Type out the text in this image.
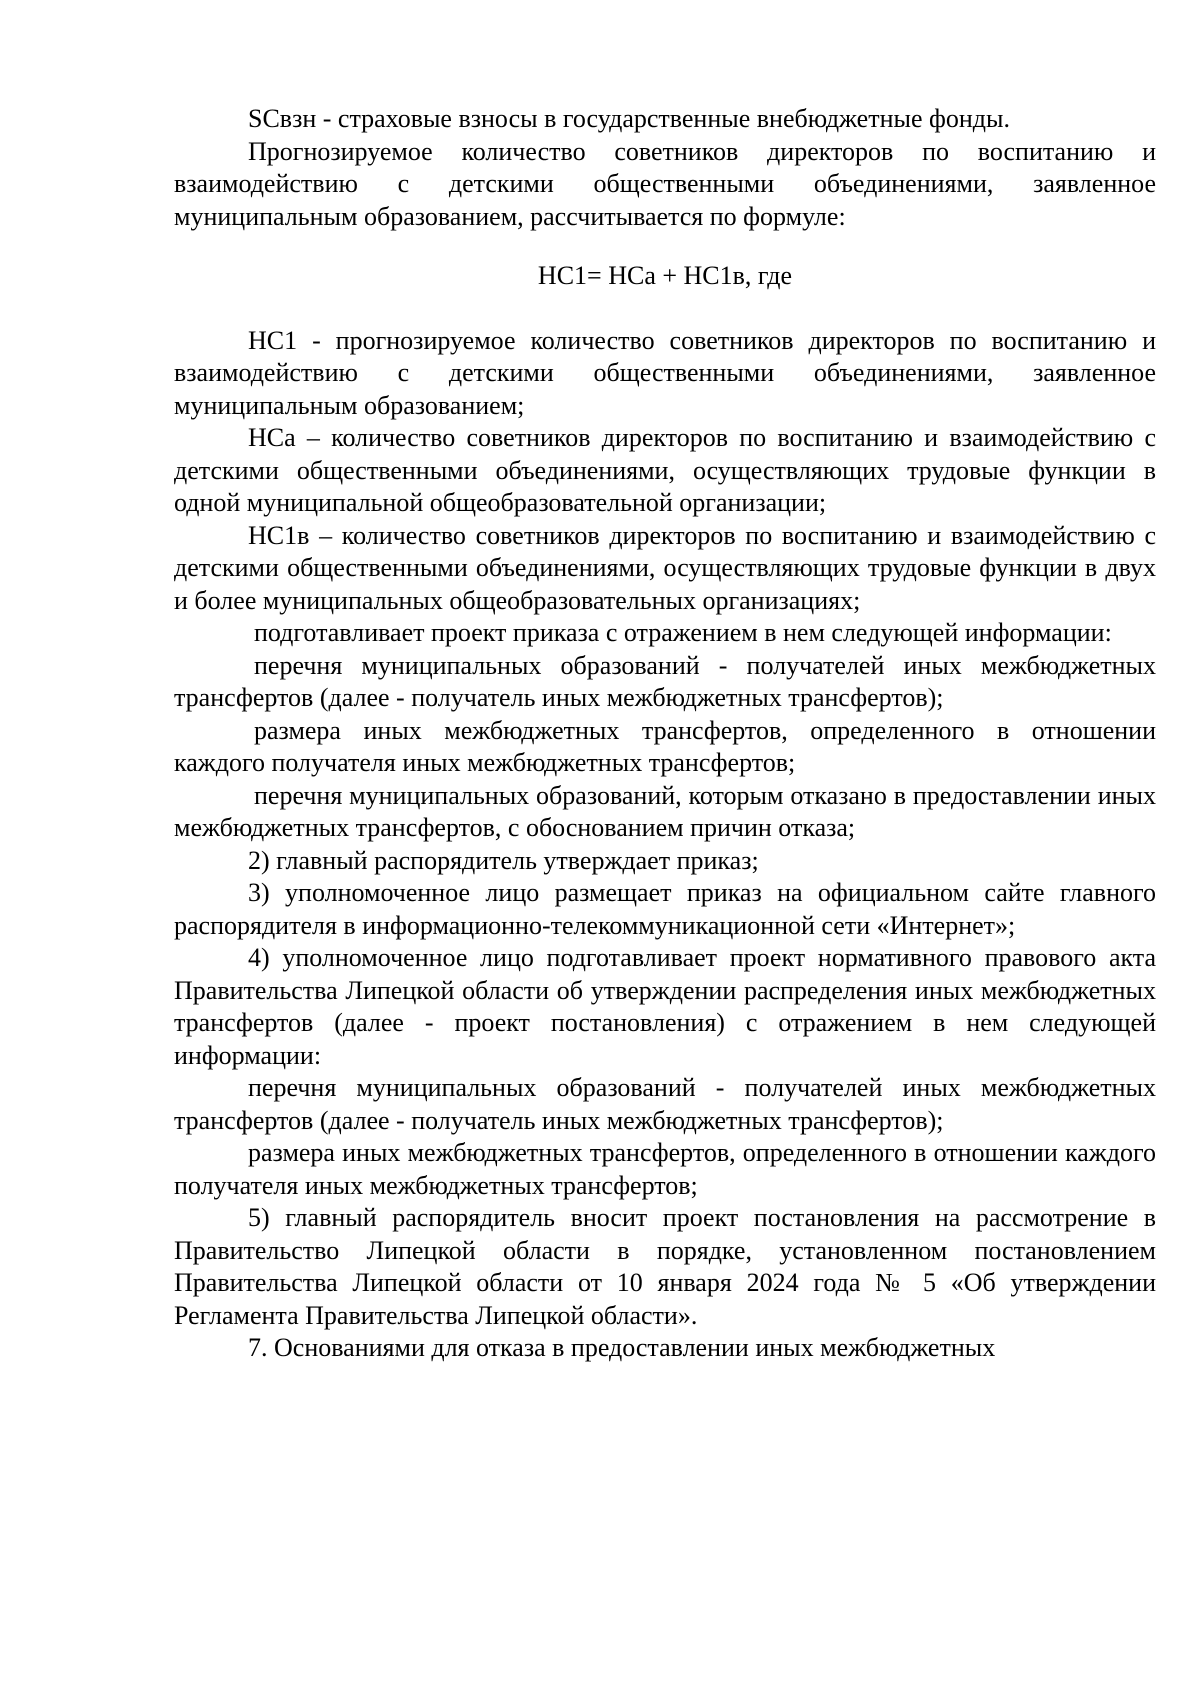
SCвзн - страховые взносы в государственные внебюджетные фонды.

Прогнозируемое количество советников директоров по воспитанию и взаимодействию с детскими общественными объединениями, заявленное муниципальным образованием, рассчитывается по формуле:

НС1= НСа + НС1в, где

НС1 - прогнозируемое количество советников директоров по воспитанию и взаимодействию с детскими общественными объединениями, заявленное муниципальным образованием;

НСа – количество советников директоров по воспитанию и взаимодействию с детскими общественными объединениями, осуществляющих трудовые функции в одной муниципальной общеобразовательной организации;

НС1в – количество советников директоров по воспитанию и взаимодействию с детскими общественными объединениями, осуществляющих трудовые функции в двух и более муниципальных общеобразовательных организациях;

подготавливает проект приказа с отражением в нем следующей информации:

перечня муниципальных образований - получателей иных межбюджетных трансфертов (далее - получатель иных межбюджетных трансфертов);

размера иных межбюджетных трансфертов, определенного в отношении каждого получателя иных межбюджетных трансфертов;

перечня муниципальных образований, которым отказано в предоставлении иных межбюджетных трансфертов, с обоснованием причин отказа;

2) главный распорядитель утверждает приказ;

3) уполномоченное лицо размещает приказ на официальном сайте главного распорядителя в информационно-телекоммуникационной сети «Интернет»;

4) уполномоченное лицо подготавливает проект нормативного правового акта Правительства Липецкой области об утверждении распределения иных межбюджетных трансфертов (далее - проект постановления) с отражением в нем следующей информации:

перечня муниципальных образований - получателей иных межбюджетных трансфертов (далее - получатель иных межбюджетных трансфертов);

размера иных межбюджетных трансфертов, определенного в отношении каждого получателя иных межбюджетных трансфертов;

5) главный распорядитель вносит проект постановления на рассмотрение в Правительство Липецкой области в порядке, установленном постановлением Правительства Липецкой области от 10 января 2024 года № 5 «Об утверждении Регламента Правительства Липецкой области».

7. Основаниями для отказа в предоставлении иных межбюджетных
